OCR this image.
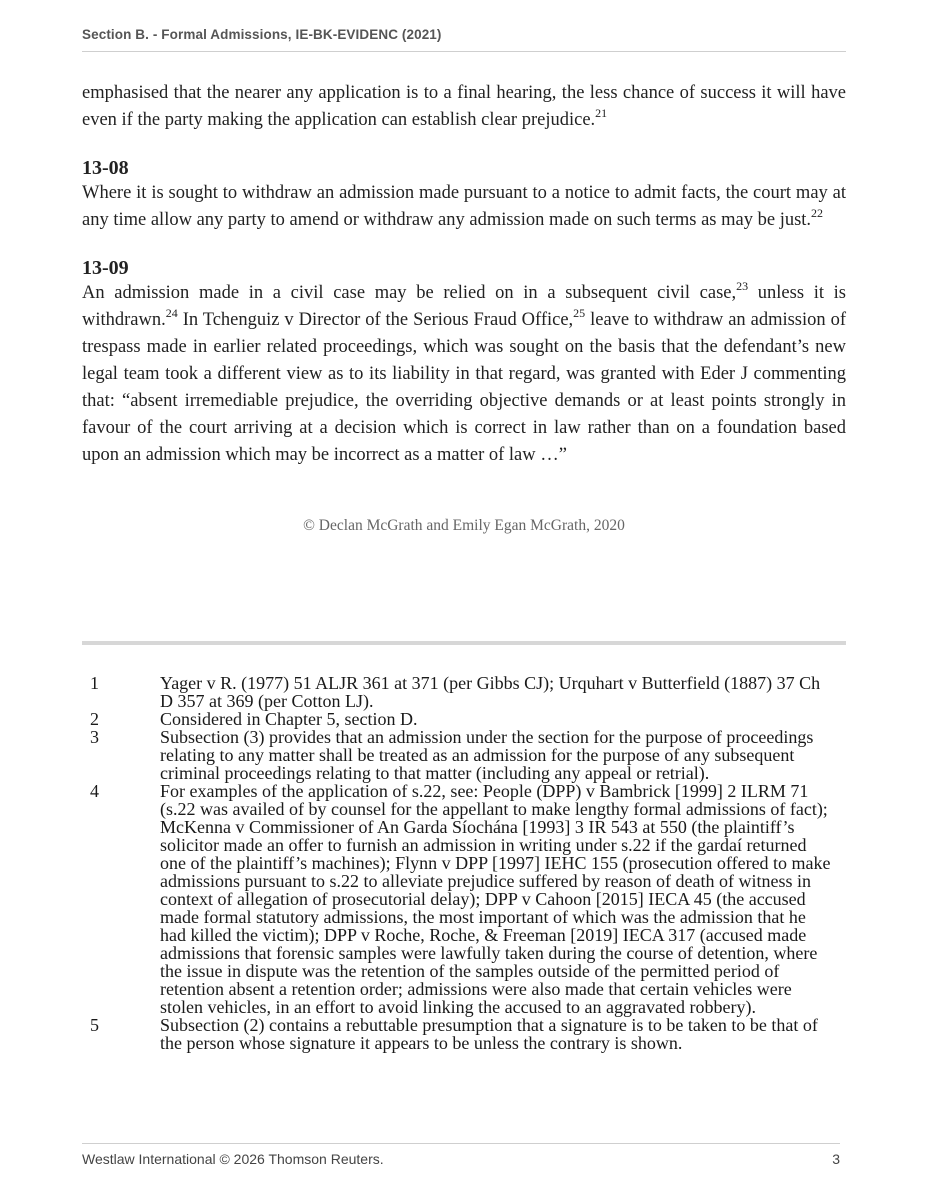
Section B. - Formal Admissions, IE-BK-EVIDENC (2021)

emphasised that the nearer any application is to a final hearing, the less chance of success it will have even if the party making the application can establish clear prejudice.$^{21}$

13-08

Where it is sought to withdraw an admission made pursuant to a notice to admit facts, the court may at any time allow any party to amend or withdraw any admission made on such terms as may be just.$^{22}$

13-09

An admission made in a civil case may be relied on in a subsequent civil case,$^{23}$ unless it is withdrawn.$^{24}$ In Tchenguiz v Director of the Serious Fraud Office,$^{25}$ leave to withdraw an admission of trespass made in earlier related proceedings, which was sought on the basis that the defendant’s new legal team took a different view as to its liability in that regard, was granted with Eder J commenting that: “absent irremediable prejudice, the overriding objective demands or at least points strongly in favour of the court arriving at a decision which is correct in law rather than on a foundation based upon an admission which may be incorrect as a matter of law …”

© Declan McGrath and Emily Egan McGrath, 2020
1	Yager v R. (1977) 51 ALJR 361 at 371 (per Gibbs CJ); Urquhart v Butterfield (1887) 37 Ch D 357 at 369 (per Cotton LJ).
2	Considered in Chapter 5, section D.
3	Subsection (3) provides that an admission under the section for the purpose of proceedings relating to any matter shall be treated as an admission for the purpose of any subsequent criminal proceedings relating to that matter (including any appeal or retrial).
4	For examples of the application of s.22, see: People (DPP) v Bambrick [1999] 2 ILRM 71 (s.22 was availed of by counsel for the appellant to make lengthy formal admissions of fact); McKenna v Commissioner of An Garda Síochána [1993] 3 IR 543 at 550 (the plaintiff’s solicitor made an offer to furnish an admission in writing under s.22 if the gardaí returned one of the plaintiff’s machines); Flynn v DPP [1997] IEHC 155 (prosecution offered to make admissions pursuant to s.22 to alleviate prejudice suffered by reason of death of witness in context of allegation of prosecutorial delay); DPP v Cahoon [2015] IECA 45 (the accused made formal statutory admissions, the most important of which was the admission that he had killed the victim); DPP v Roche, Roche, & Freeman [2019] IECA 317 (accused made admissions that forensic samples were lawfully taken during the course of detention, where the issue in dispute was the retention of the samples outside of the permitted period of retention absent a retention order; admissions were also made that certain vehicles were stolen vehicles, in an effort to avoid linking the accused to an aggravated robbery).
5	Subsection (2) contains a rebuttable presumption that a signature is to be taken to be that of the person whose signature it appears to be unless the contrary is shown.
Westlaw International © 2026 Thomson Reuters.	3
